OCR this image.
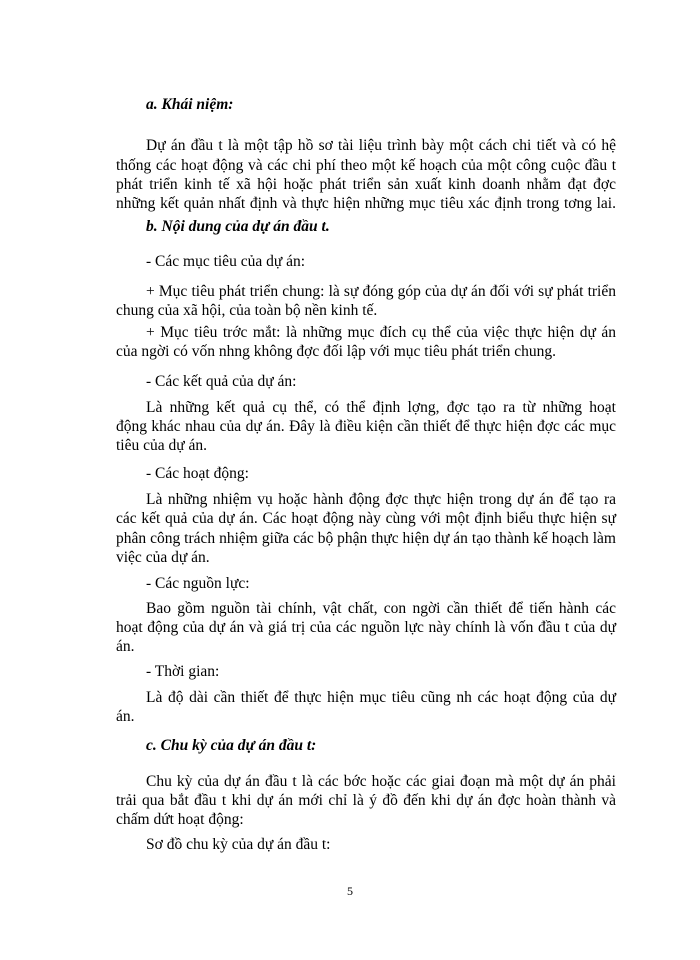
a. Khái niệm:
Dự án đầu t là một tập hồ sơ tài liệu trình bày một cách chi tiết và có hệ
thống các hoạt động và các chi phí theo một kế hoạch của một công cuộc đầu t
phát triển kinh tế xã hội hoặc phát triển sản xuất kinh doanh nhằm đạt đợc
những kết quản nhất định và thực hiện những mục tiêu xác định trong tơng lai.
b. Nội dung của dự án đầu t.
- Các mục tiêu của dự án:
+ Mục tiêu phát triển chung: là sự đóng góp của dự án đối với sự phát triển
chung của xã hội, của toàn bộ nền kinh tế.
+ Mục tiêu trớc mắt: là những mục đích cụ thể của việc thực hiện dự án
của ngời có vốn nhng không đợc đối lập với mục tiêu phát triển chung.
- Các kết quả của dự án:
Là những kết quả cụ thể, có thể định lợng, đợc tạo ra từ những hoạt
động khác nhau của dự án. Đây là điều kiện cần thiết để thực hiện đợc các mục
tiêu của dự án.
- Các hoạt động:
Là những nhiệm vụ hoặc hành động đợc thực hiện trong dự án để tạo ra
các kết quả của dự án. Các hoạt động này cùng với một định biểu thực hiện sự
phân công trách nhiệm giữa các bộ phận thực hiện dự án tạo thành kế hoạch làm
việc của dự án.
- Các nguồn lực:
Bao gồm nguồn tài chính, vật chất, con ngời cần thiết để tiến hành các
hoạt động của dự án và giá trị của các nguồn lực này chính là vốn đầu t của dự
án.
- Thời gian:
Là độ dài cần thiết để thực hiện mục tiêu cũng nh các hoạt động của dự
án.
c. Chu kỳ của dự án đầu t:
Chu kỳ của dự án đầu t là các bớc hoặc các giai đoạn mà một dự án phải
trải qua bắt đầu t khi dự án mới chỉ là ý đồ đến khi dự án đợc hoàn thành và
chấm dứt hoạt động:
Sơ đồ chu kỳ của dự án đầu t:
5
